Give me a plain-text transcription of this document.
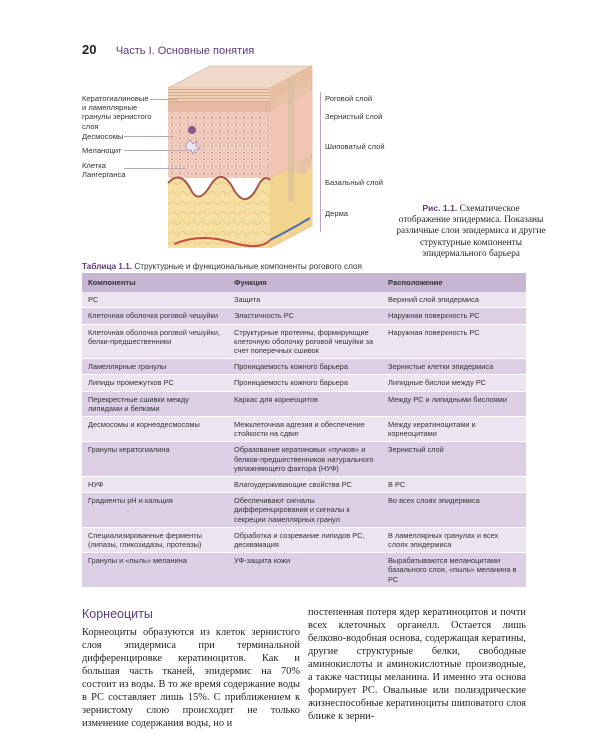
20 Часть I. Основные понятия
Кератогиалиновые
и ламеллярные
гранулы зернистого
слоя
Десмосомы
Меланоцит
Клетка
Лангерганса
Роговой слой
Зернистый слой
Шиповатый слой
Базальный слой
Дерма
Рис. 1.1. Схематическое отображение эпидермиса. Показаны различные слои эпидермиса и другие структурные компоненты эпидермального барьера
Таблица 1.1. Структурные и функциональные компоненты рогового слоя
Компоненты	Функция	Расположение
РС	Защита	Верхний слой эпидермиса
Клеточная оболочка роговой чешуйки	Эластичность РС	Наружная поверхность РС
Клеточная оболочка роговой чешуйки, белки-предшественники	Структурные протеины, формирующие клеточную оболочку роговой чешуйки за счет поперечных сшивок	Наружная поверхность РС
Ламеллярные гранулы	Проницаемость кожного барьера	Зернистые клетки эпидермиса
Липиды промежутков РС	Проницаемость кожного барьера	Липидные бислои между РС
Перекрестные сшивки между липидами и белками	Каркас для корнеоцитов	Между РС и липидными бислоями
Десмосомы и корнеодесмосомы	Межклеточная адгезия и обеспечение стойкости на сдвиг	Между кератиноцитами и корнеоцитами
Гранулы кератогиалина	Образование кератиновых «пучков» и белков-предшественников натурального увлажняющего фактора (НУФ)	Зернистый слой
НУФ	Влагоудерживающие свойства РС	В РС
Градиенты pH и кальция	Обеспечивают сигналы дифференцирования и сигналы к секреции ламеллярных гранул	Во всех слоях эпидермиса
Специализированные ферменты (липазы, гликозидазы, протеазы)	Обработка и созревание липидов РС, десквамация	В ламеллярных гранулах и всех слоях эпидермиса
Гранулы и «пыль» меланина	УФ-защита кожи	Вырабатываются меланоцитами базального слоя, «пыль» меланина в РС
Корнеоциты
Корнеоциты образуются из клеток зернистого слоя эпидермиса при терминальной дифференцировке кератиноцитов. Как и большая часть тканей, эпидермис на 70% состоит из воды. В то же время содержание воды в РС составляет лишь 15%. С приближением к зернистому слою происходит не только изменение содержания воды, но и
постепенная потеря ядер кератиноцитов и почти всех клеточных органелл. Остается лишь белково-водобная основа, содержащая кератины, другие структурные белки, свободные аминокислоты и аминокислотные производные, а также частицы меланина. И именно эта основа формирует РС. Овальные или полиэдрические жизнеспособные кератиноциты шиповатого слоя ближе к зерни-
